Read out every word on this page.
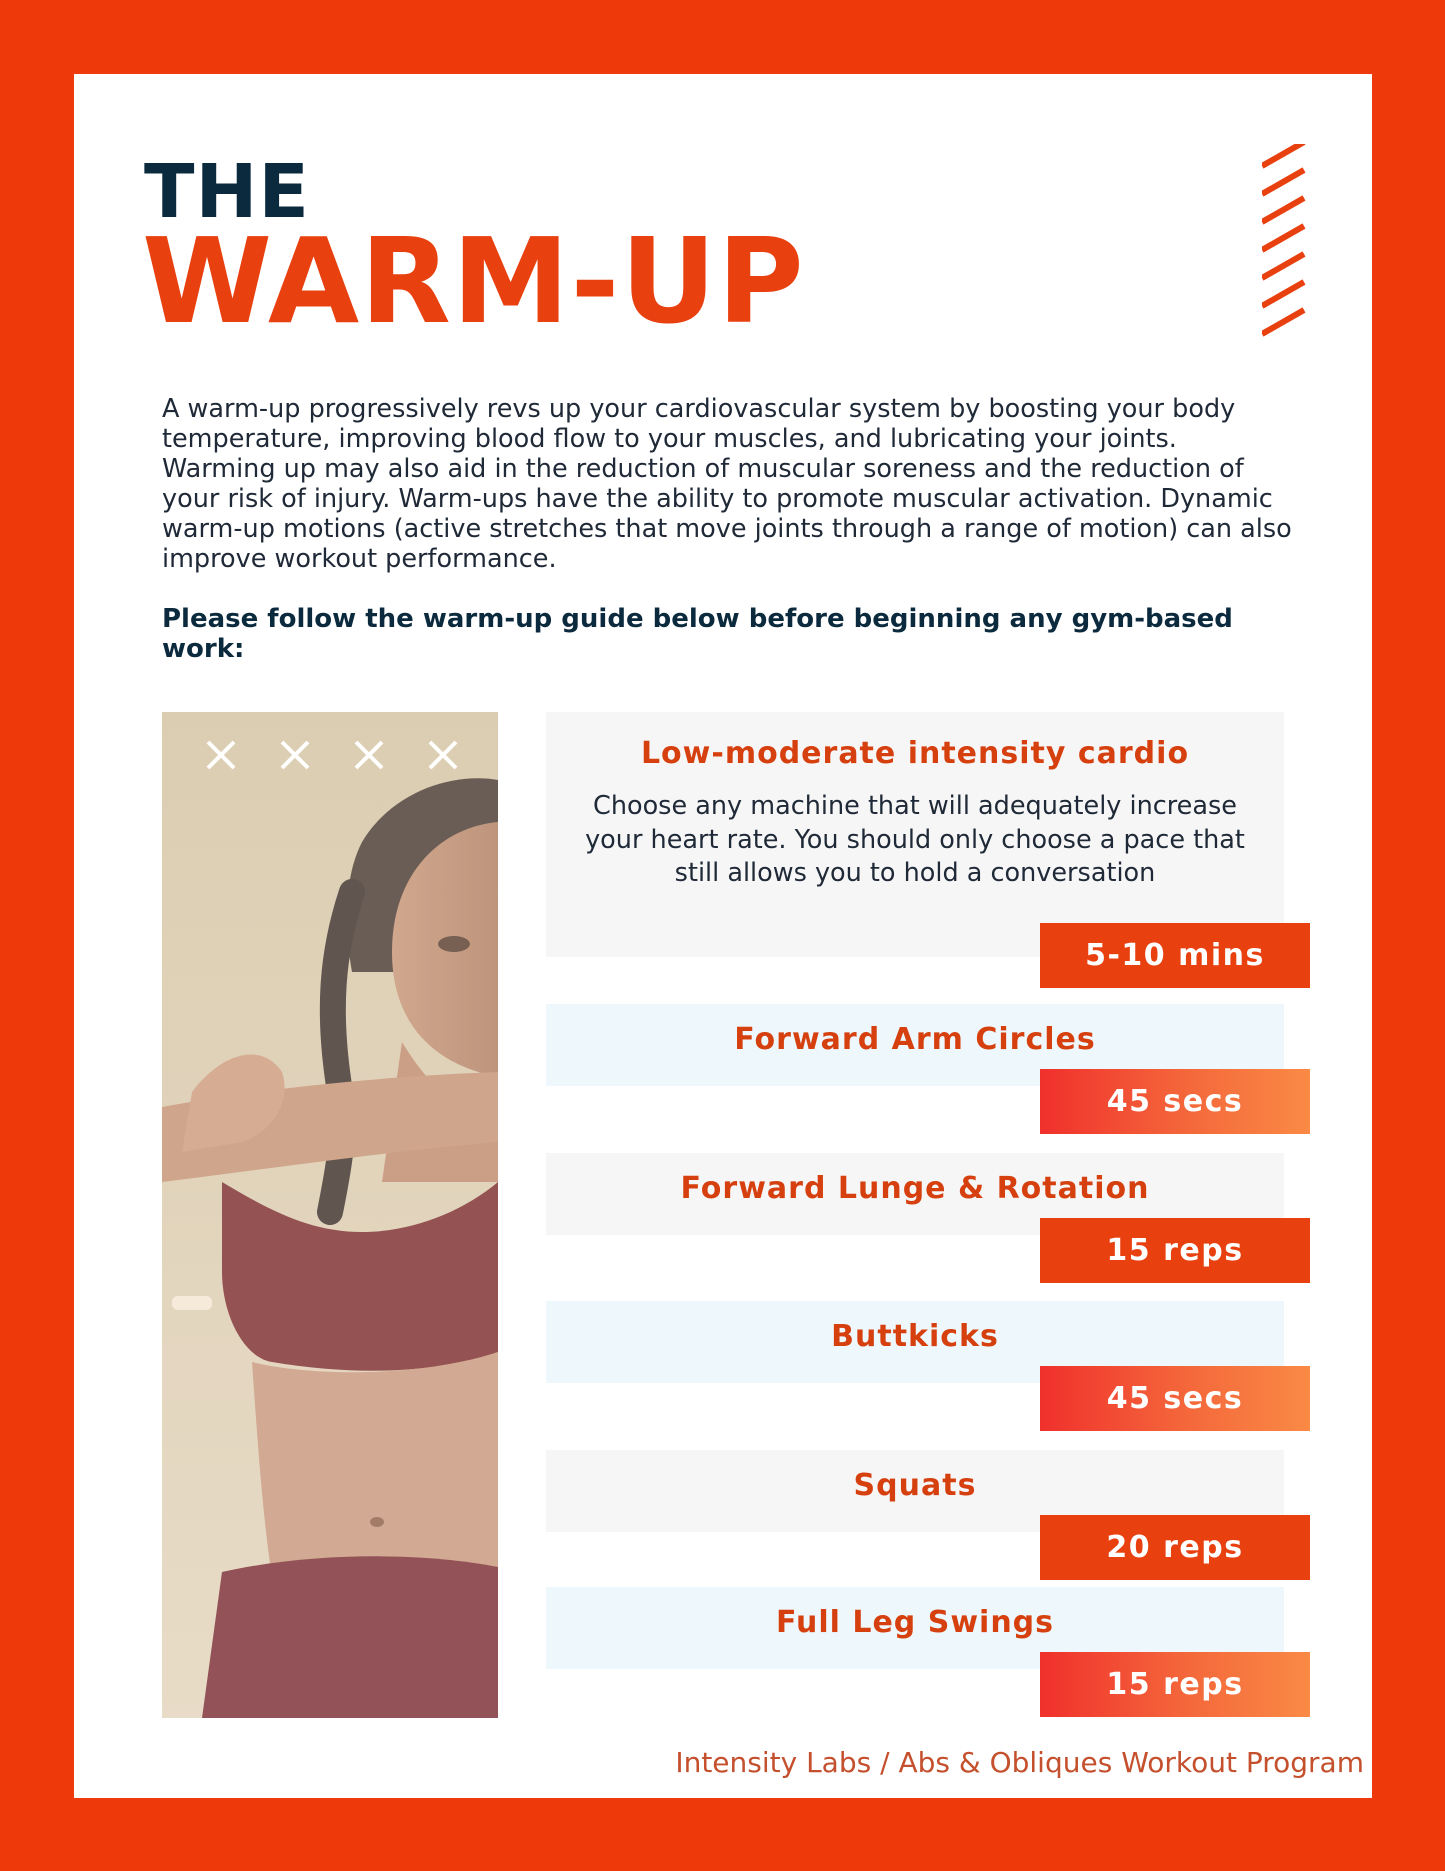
THE
WARM-UP

A warm-up progressively revs up your cardiovascular system by boosting your body temperature, improving blood flow to your muscles, and lubricating your joints. Warming up may also aid in the reduction of muscular soreness and the reduction of your risk of injury. Warm-ups have the ability to promote muscular activation. Dynamic warm-up motions (active stretches that move joints through a range of motion) can also improve workout performance.

Please follow the warm-up guide below before beginning any gym-based work:

Low-moderate intensity cardio
Choose any machine that will adequately increase your heart rate. You should only choose a pace that still allows you to hold a conversation
5-10 mins
Forward Arm Circles
45 secs
Forward Lunge & Rotation
15 reps
Buttkicks
45 secs
Squats
20 reps
Full Leg Swings
15 reps
Intensity Labs / Abs & Obliques Workout Program
